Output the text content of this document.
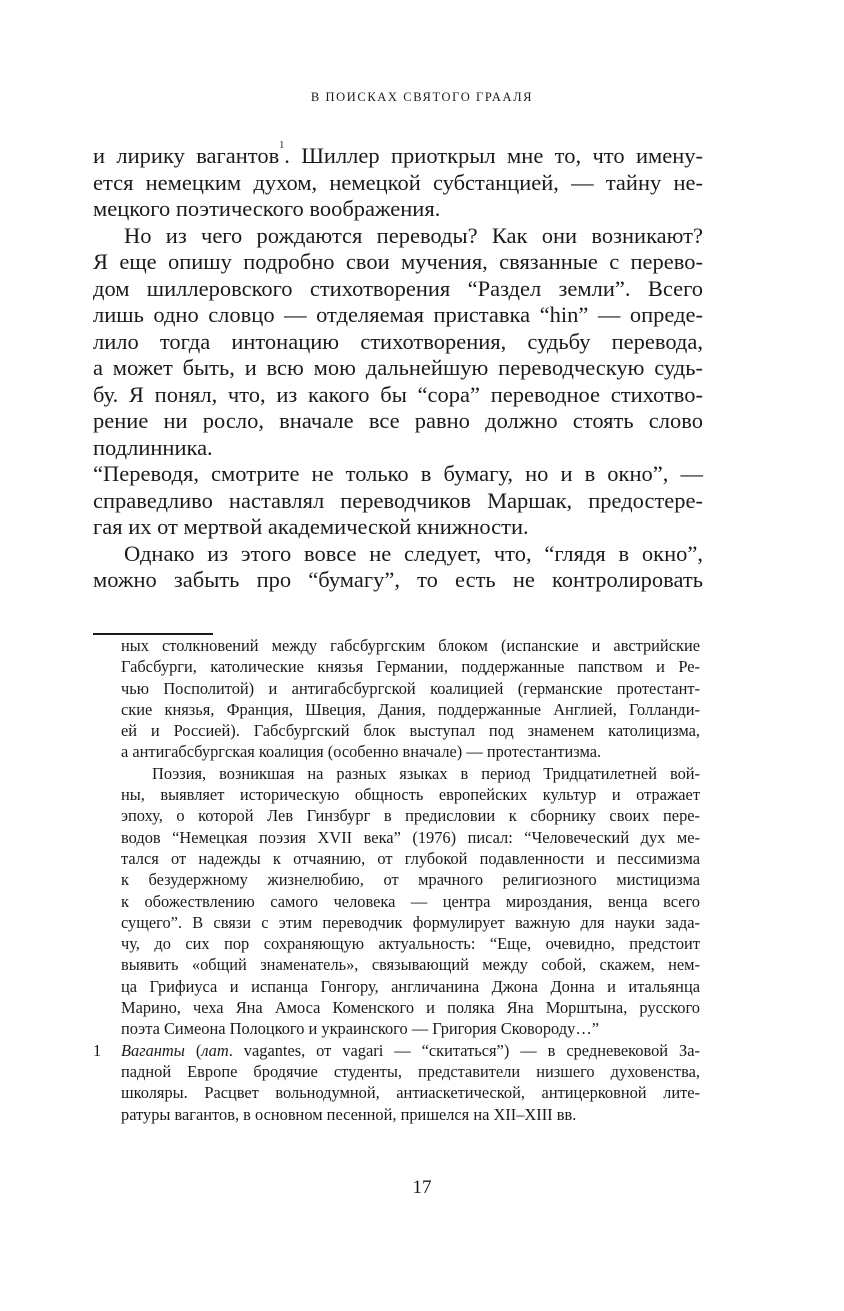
В ПОИСКАХ СВЯТОГО ГРААЛЯ
и лирику вагантов$^1$. Шиллер приоткрыл мне то, что имену-
ется немецким духом, немецкой субстанцией, — тайну не-
мецкого поэтического воображения.
Но из чего рождаются переводы? Как они возникают?
Я еще опишу подробно свои мучения, связанные с перево-
дом шиллеровского стихотворения “Раздел земли”. Всего
лишь одно словцо — отделяемая приставка “hin” — опреде-
лило тогда интонацию стихотворения, судьбу перевода,
а может быть, и всю мою дальнейшую переводческую судь-
бу. Я понял, что, из какого бы “сора” переводное стихотво-
рение ни росло, вначале все равно должно стоять слово
подлинника.
“Переводя, смотрите не только в бумагу, но и в окно”, —
справедливо наставлял переводчиков Маршак, предостере-
гая их от мертвой академической книжности.
Однако из этого вовсе не следует, что, “глядя в окно”,
можно забыть про “бумагу”, то есть не контролировать
ных столкновений между габсбургским блоком (испанские и австрийские
Габсбурги, католические князья Германии, поддержанные папством и Ре-
чью Посполитой) и антигабсбургской коалицией (германские протестант-
ские князья, Франция, Швеция, Дания, поддержанные Англией, Голланди-
ей и Россией). Габсбургский блок выступал под знаменем католицизма,
а антигабсбургская коалиция (особенно вначале) — протестантизма.
Поэзия, возникшая на разных языках в период Тридцатилетней вой-
ны, выявляет историческую общность европейских культур и отражает
эпоху, о которой Лев Гинзбург в предисловии к сборнику своих пере-
водов “Немецкая поэзия XVII века” (1976) писал: “Человеческий дух ме-
тался от надежды к отчаянию, от глубокой подавленности и пессимизма
к безудержному жизнелюбию, от мрачного религиозного мистицизма
к обожествлению самого человека — центра мироздания, венца всего
сущего”. В связи с этим переводчик формулирует важную для науки зада-
чу, до сих пор сохраняющую актуальность: “Еще, очевидно, предстоит
выявить «общий знаменатель», связывающий между собой, скажем, нем-
ца Грифиуса и испанца Гонгору, англичанина Джона Донна и итальянца
Марино, чеха Яна Амоса Коменского и поляка Яна Морштына, русского
поэта Симеона Полоцкого и украинского — Григория Сковороду…”
1 Ваганты (лат. vagantes, от vagari — “скитаться”) — в средневековой За-
падной Европе бродячие студенты, представители низшего духовенства,
школяры. Расцвет вольнодумной, антиаскетической, антицерковной лите-
ратуры вагантов, в основном песенной, пришелся на XII–XIII вв.
17
